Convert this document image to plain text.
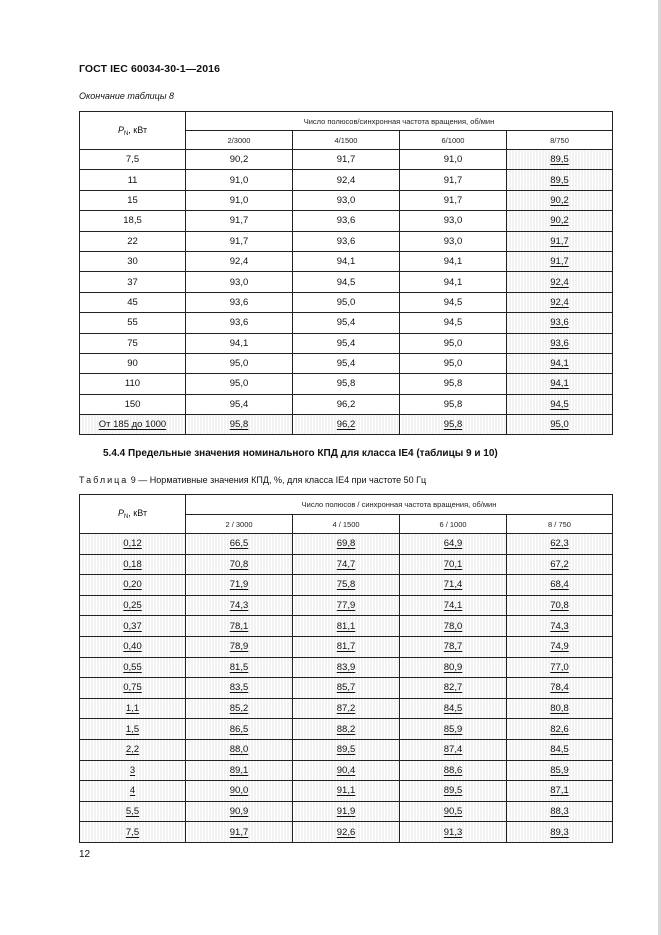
ГОСТ IEC 60034-30-1—2016
Окончание таблицы 8
$P_N$, кВт	Число полюсов/синхронная частота вращения, об/мин			
	2/3000	4/1500	6/1000	8/750
7,5	90,2	91,7	91,0	89,5
11	91,0	92,4	91,7	89,5
15	91,0	93,0	91,7	90,2
18,5	91,7	93,6	93,0	90,2
22	91,7	93,6	93,0	91,7
30	92,4	94,1	94,1	91,7
37	93,0	94,5	94,1	92,4
45	93,6	95,0	94,5	92,4
55	93,6	95,4	94,5	93,6
75	94,1	95,4	95,0	93,6
90	95,0	95,4	95,0	94,1
110	95,0	95,8	95,8	94,1
150	95,4	96,2	95,8	94,5
От 185 до 1000	95,8	96,2	95,8	95,0
5.4.4 Предельные значения номинального КПД для класса IE4 (таблицы 9 и 10)
Таблица 9 — Нормативные значения КПД, %, для класса IE4 при частоте 50 Гц
$P_N$, кВт	Число полюсов / синхронная частота вращения, об/мин			
	2 / 3000	4 / 1500	6 / 1000	8 / 750
0,12	66,5	69,8	64,9	62,3
0,18	70,8	74,7	70,1	67,2
0,20	71,9	75,8	71,4	68,4
0,25	74,3	77,9	74,1	70,8
0,37	78,1	81,1	78,0	74,3
0,40	78,9	81,7	78,7	74,9
0,55	81,5	83,9	80,9	77,0
0,75	83,5	85,7	82,7	78,4
1,1	85,2	87,2	84,5	80,8
1,5	86,5	88,2	85,9	82,6
2,2	88,0	89,5	87,4	84,5
3	89,1	90,4	88,6	85,9
4	90,0	91,1	89,5	87,1
5,5	90,9	91,9	90,5	88,3
7,5	91,7	92,6	91,3	89,3
12
